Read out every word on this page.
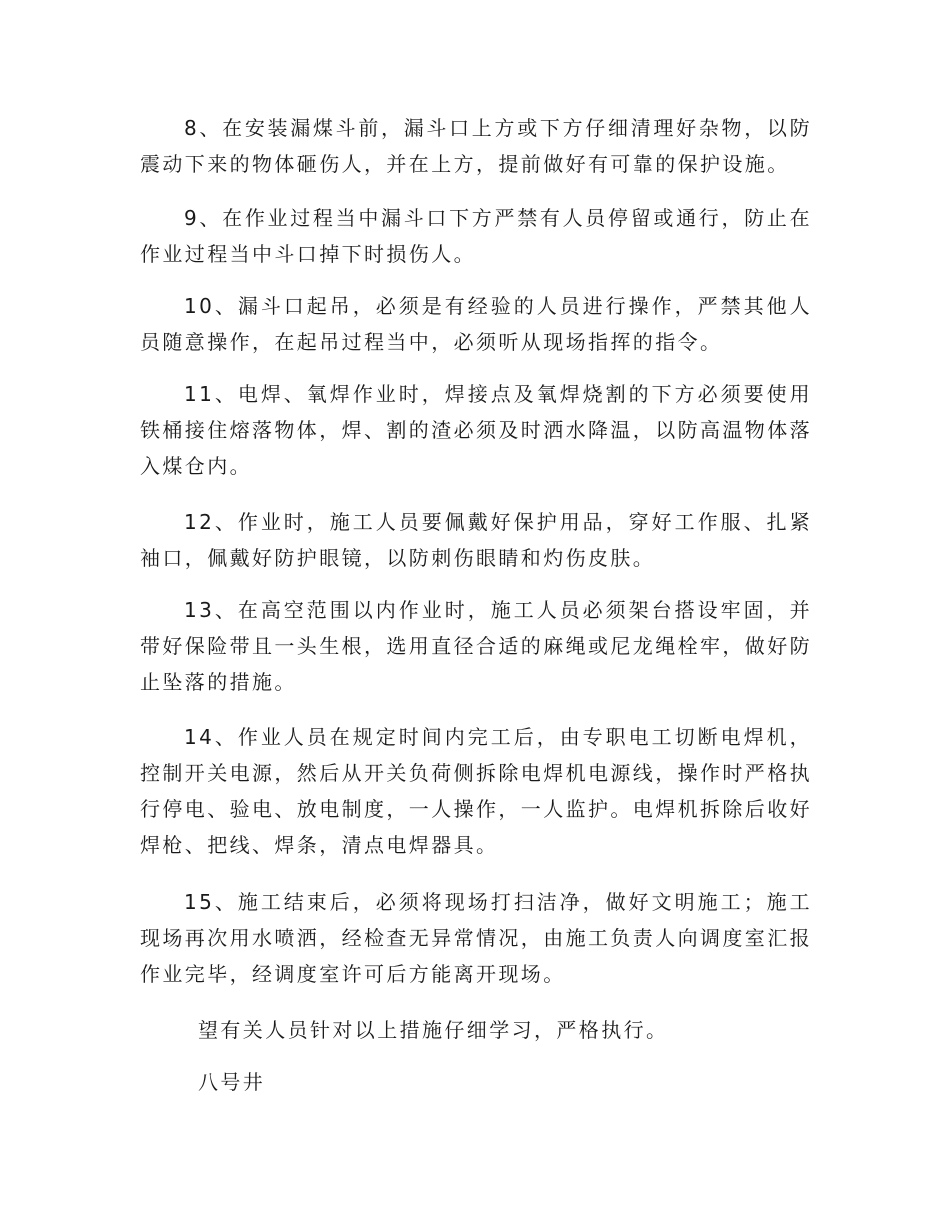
8、在安装漏煤斗前，漏斗口上方或下方仔细清理好杂物，以防震动下来的物体砸伤人，并在上方，提前做好有可靠的保护设施。

9、在作业过程当中漏斗口下方严禁有人员停留或通行，防止在作业过程当中斗口掉下时损伤人。

10、漏斗口起吊，必须是有经验的人员进行操作，严禁其他人员随意操作，在起吊过程当中，必须听从现场指挥的指令。

11、电焊、氧焊作业时，焊接点及氧焊烧割的下方必须要使用铁桶接住熔落物体，焊、割的渣必须及时洒水降温，以防高温物体落入煤仓内。

12、作业时，施工人员要佩戴好保护用品，穿好工作服、扎紧袖口，佩戴好防护眼镜，以防刺伤眼睛和灼伤皮肤。

13、在高空范围以内作业时，施工人员必须架台搭设牢固，并带好保险带且一头生根，选用直径合适的麻绳或尼龙绳栓牢，做好防止坠落的措施。

14、作业人员在规定时间内完工后，由专职电工切断电焊机，控制开关电源，然后从开关负荷侧拆除电焊机电源线，操作时严格执行停电、验电、放电制度，一人操作，一人监护。电焊机拆除后收好焊枪、把线、焊条，清点电焊器具。

15、施工结束后，必须将现场打扫洁净，做好文明施工；施工现场再次用水喷洒，经检查无异常情况，由施工负责人向调度室汇报作业完毕，经调度室许可后方能离开现场。

望有关人员针对以上措施仔细学习，严格执行。

八号井
